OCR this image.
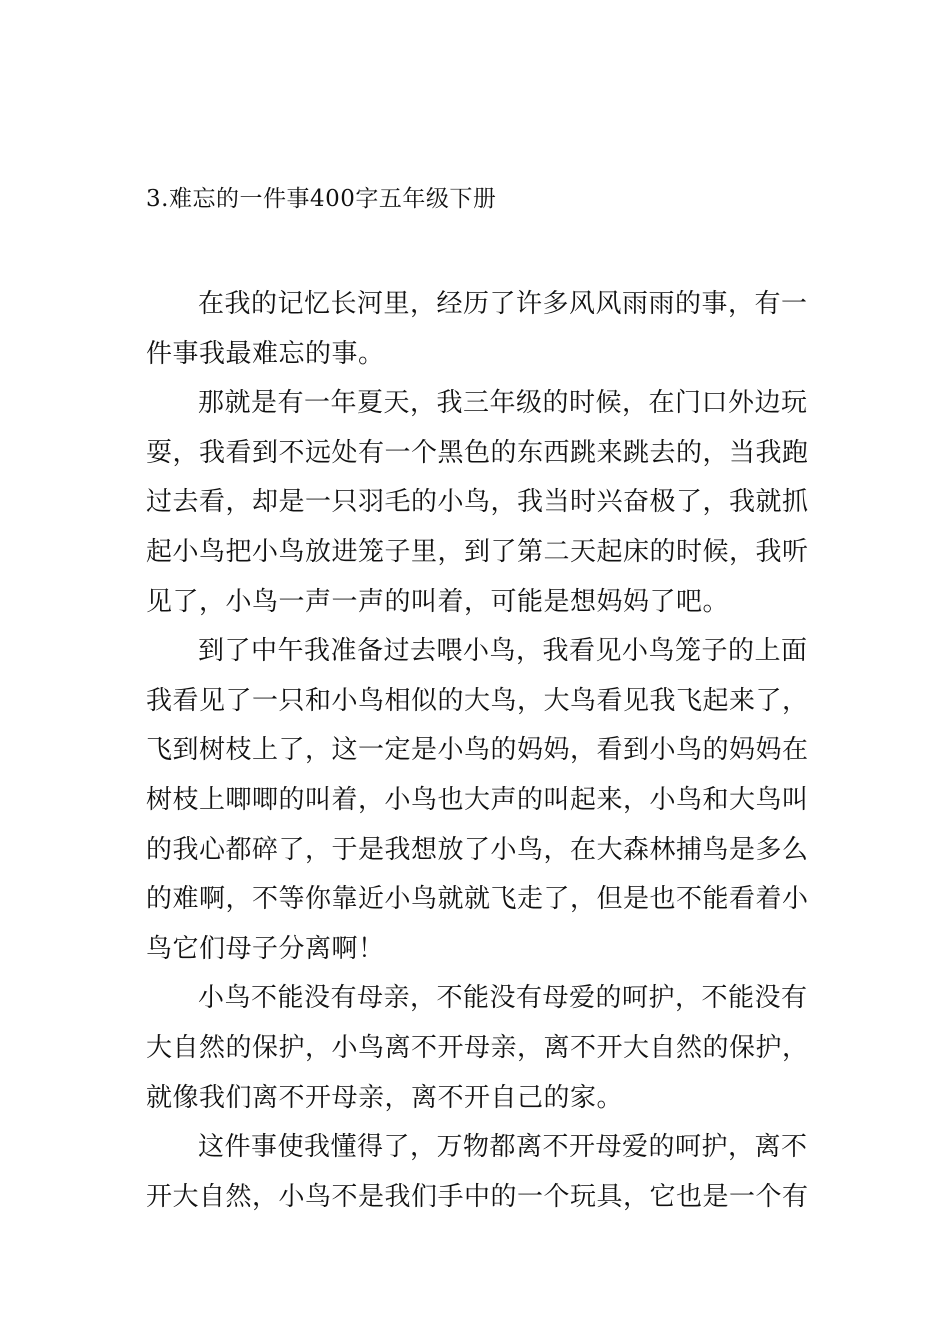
3.难忘的一件事400字五年级下册

在我的记忆长河里，经历了许多风风雨雨的事，有一
件事我最难忘的事。

那就是有一年夏天，我三年级的时候，在门口外边玩
耍，我看到不远处有一个黑色的东西跳来跳去的，当我跑
过去看，却是一只羽毛的小鸟，我当时兴奋极了，我就抓
起小鸟把小鸟放进笼子里，到了第二天起床的时候，我听
见了，小鸟一声一声的叫着，可能是想妈妈了吧。

到了中午我准备过去喂小鸟，我看见小鸟笼子的上面
我看见了一只和小鸟相似的大鸟，大鸟看见我飞起来了，
飞到树枝上了，这一定是小鸟的妈妈，看到小鸟的妈妈在
树枝上唧唧的叫着，小鸟也大声的叫起来，小鸟和大鸟叫
的我心都碎了，于是我想放了小鸟，在大森林捕鸟是多么
的难啊，不等你靠近小鸟就就飞走了，但是也不能看着小
鸟它们母子分离啊！

小鸟不能没有母亲，不能没有母爱的呵护，不能没有
大自然的保护，小鸟离不开母亲，离不开大自然的保护，
就像我们离不开母亲，离不开自己的家。

这件事使我懂得了，万物都离不开母爱的呵护，离不
开大自然，小鸟不是我们手中的一个玩具，它也是一个有
